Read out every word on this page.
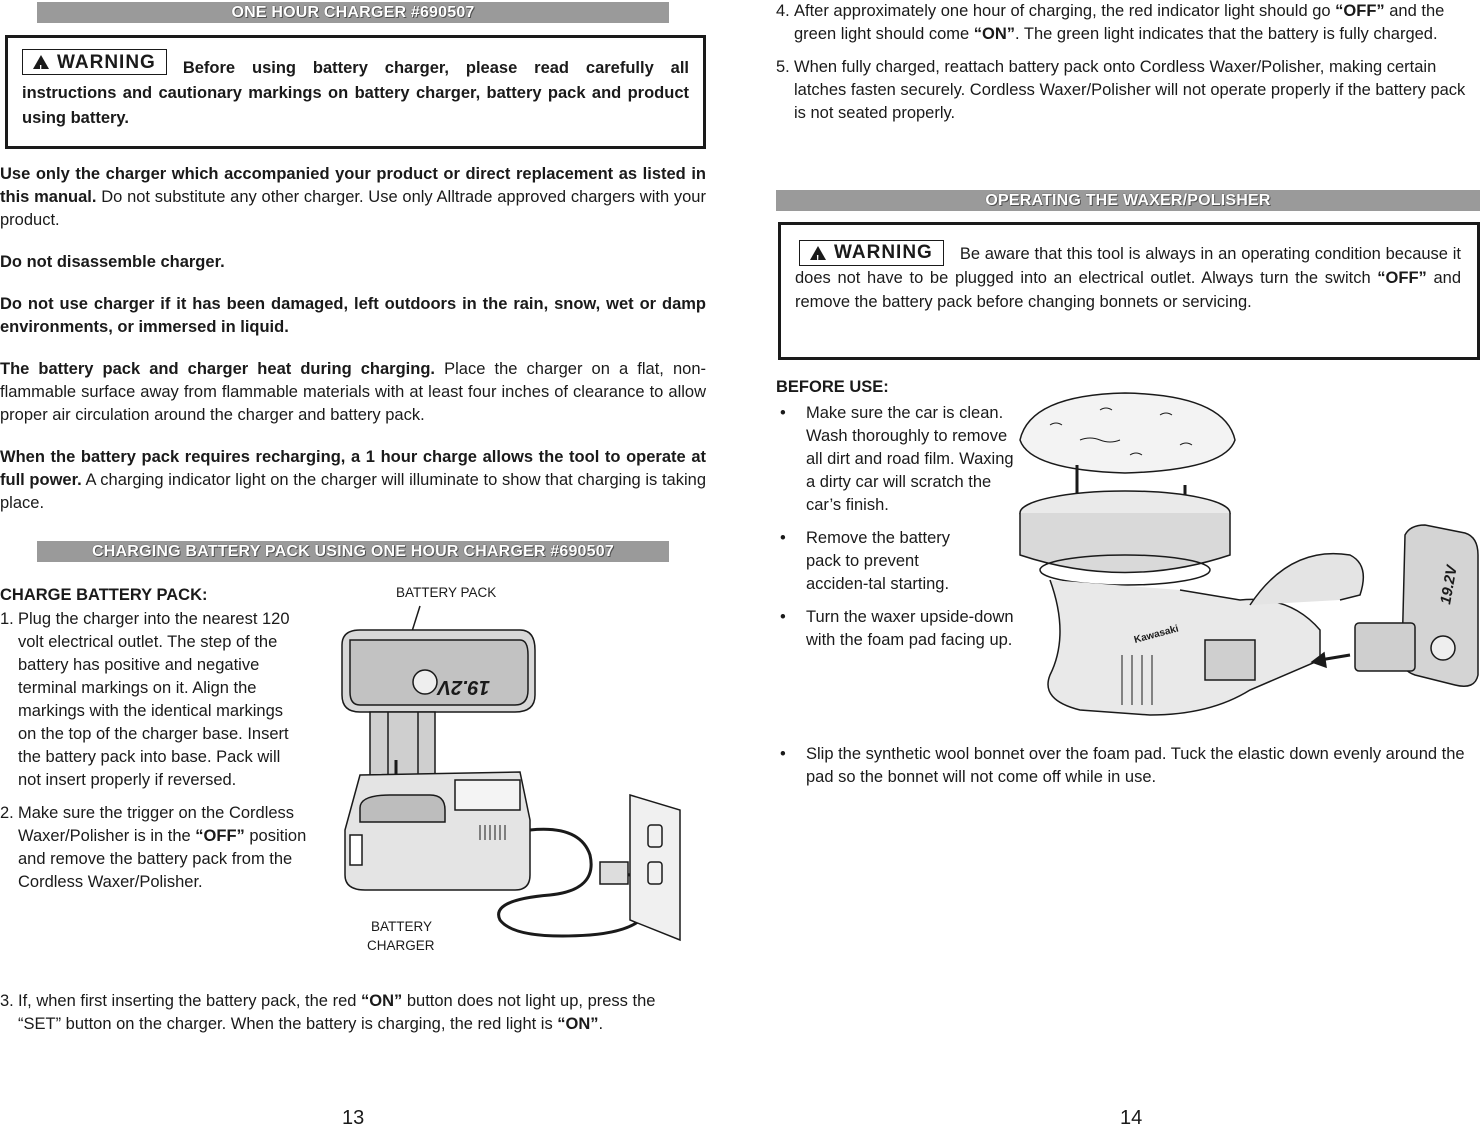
ONE HOUR CHARGER #690507
!
WARNING Before using battery charger, please read carefully all instructions and cautionary markings on battery charger, battery pack and product using battery.

Use only the charger which accompanied your product or direct replacement as listed in this manual. Do not substitute any other charger. Use only Alltrade approved chargers with your product.

Do not disassemble charger.

Do not use charger if it has been damaged, left outdoors in the rain, snow, wet or damp environments, or immersed in liquid.

The battery pack and charger heat during charging. Place the charger on a flat, non-flammable surface away from flammable materials with at least four inches of clearance to allow proper air circulation around the charger and battery pack.

When the battery pack requires recharging, a 1 hour charge allows the tool to operate at full power. A charging indicator light on the charger will illuminate to show that charging is taking place.

CHARGING BATTERY PACK USING ONE HOUR CHARGER #690507

CHARGE BATTERY PACK:

1. Plug the charger into the nearest 120 volt electrical outlet. The step of the battery has positive and negative terminal markings on it. Align the markings with the identical markings on the top of the charger base. Insert the battery pack into base. Pack will not insert properly if reversed.
2. Make sure the trigger on the Cordless Waxer/Polisher is in the “OFF” position and remove the battery pack from the Cordless Waxer/Polisher.
3. If, when first inserting the battery pack, the red “ON” button does not light up, press the “SET” button on the charger. When the battery is charging, the red light is “ON”.
BATTERY PACK
BATTERY
CHARGER
19.2V
13
4. After approximately one hour of charging, the red indicator light should go “OFF” and the green light should come “ON”. The green light indicates that the battery is fully charged.
5. When fully charged, reattach battery pack onto Cordless Waxer/Polisher, making certain latches fasten securely. Cordless Waxer/Polisher will not operate properly if the battery pack is not seated properly.
OPERATING THE WAXER/POLISHER
!
WARNING Be aware that this tool is always in an operating condition because it does not have to be plugged into an electrical outlet. Always turn the switch “OFF” and remove the battery pack before changing bonnets or servicing.

BEFORE USE:

•	Make sure the car is clean. Wash thoroughly to remove all dirt and road film. Waxing a dirty car will scratch the car’s finish.
•	Remove the battery pack to prevent acciden-tal starting.
•	Turn the waxer upside-down with the foam pad facing up.
•	Slip the synthetic wool bonnet over the foam pad. Tuck the elastic down evenly around the pad so the bonnet will not come off while in use.
Kawasaki
19.2V
14
